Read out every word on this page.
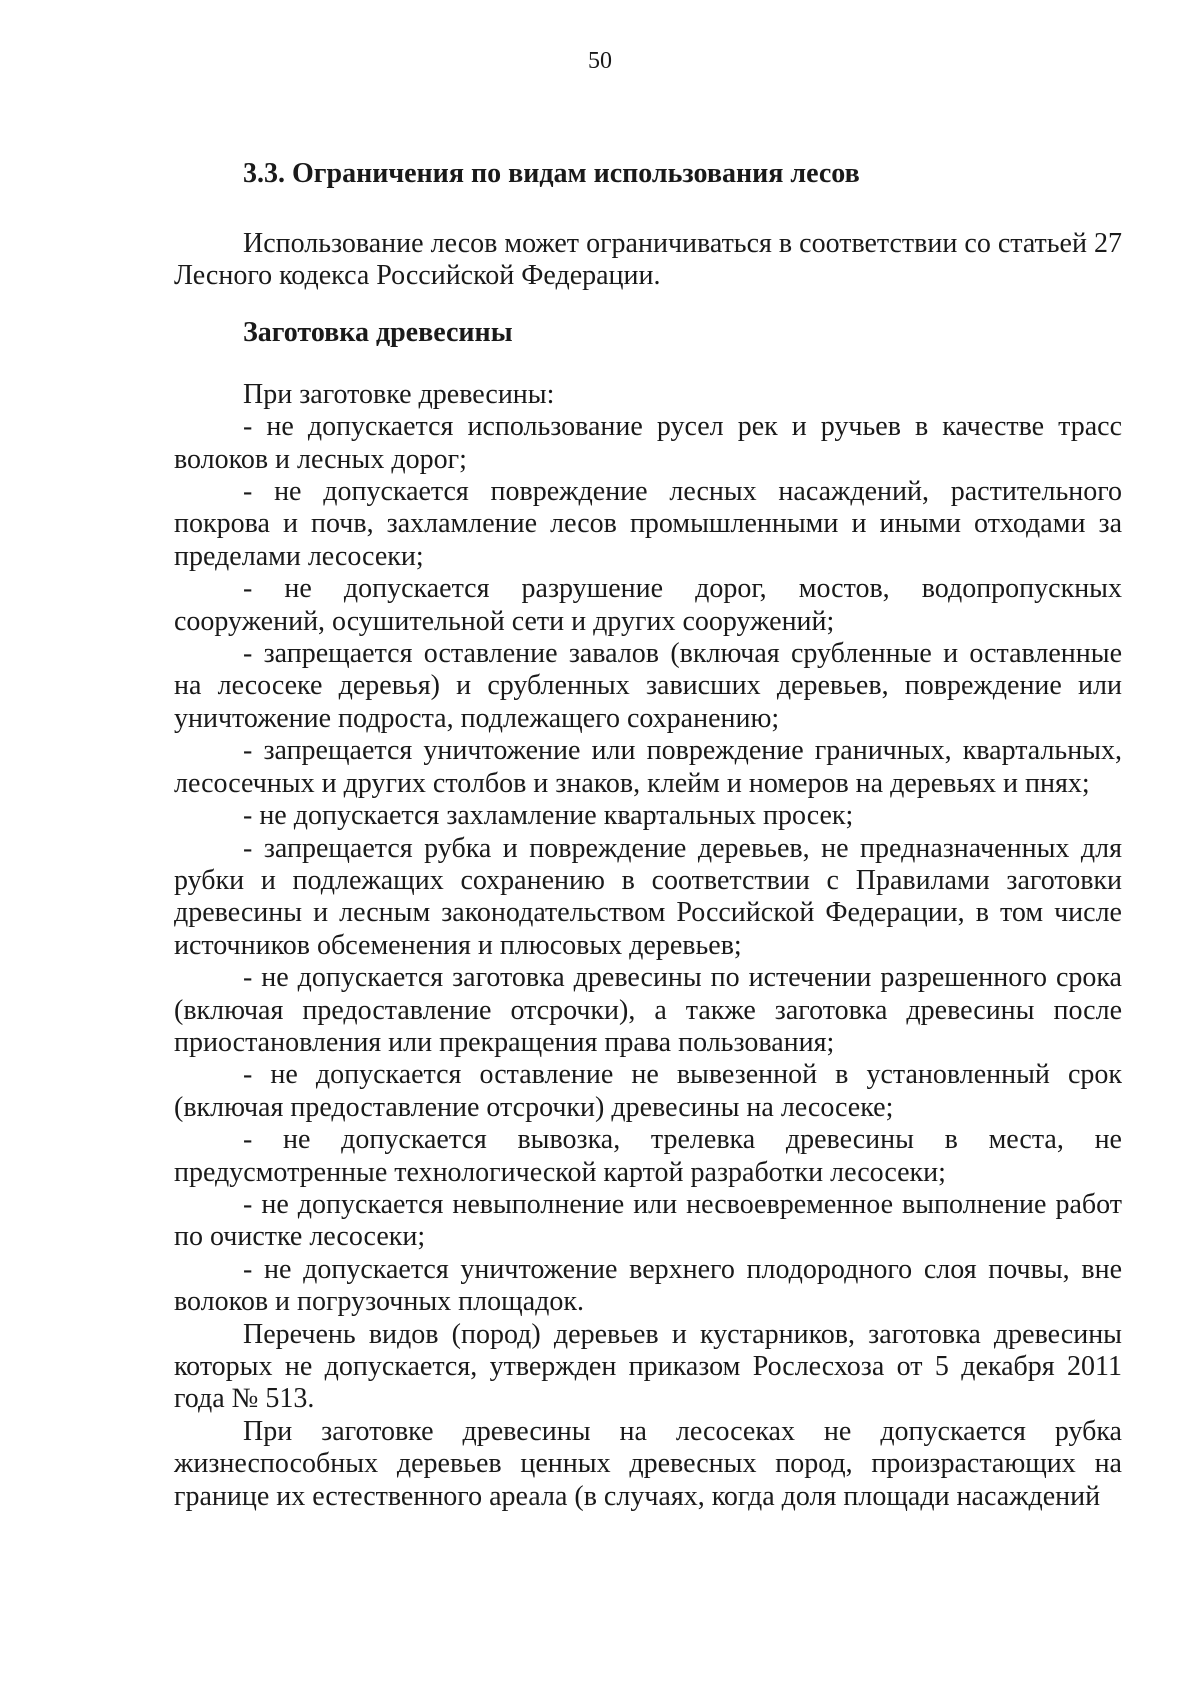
50
3.3. Ограничения по видам использования лесов

Использование лесов может ограничиваться в соответствии со статьей 27 Лесного кодекса Российской Федерации.

Заготовка древесины

При заготовке древесины:

- не допускается использование русел рек и ручьев в качестве трасс волоков и лесных дорог;

- не допускается повреждение лесных насаждений, растительного покрова и почв, захламление лесов промышленными и иными отходами за пределами лесосеки;

- не допускается разрушение дорог, мостов, водопропускных сооружений, осушительной сети и других сооружений;

- запрещается оставление завалов (включая срубленные и оставленные на лесосеке деревья) и срубленных зависших деревьев, повреждение или уничтожение подроста, подлежащего сохранению;

- запрещается уничтожение или повреждение граничных, квартальных, лесосечных и других столбов и знаков, клейм и номеров на деревьях и пнях;

- не допускается захламление квартальных просек;

- запрещается рубка и повреждение деревьев, не предназначенных для рубки и подлежащих сохранению в соответствии с Правилами заготовки древесины и лесным законодательством Российской Федерации, в том числе источников обсеменения и плюсовых деревьев;

- не допускается заготовка древесины по истечении разрешенного срока (включая предоставление отсрочки), а также заготовка древесины после приостановления или прекращения права пользования;

- не допускается оставление не вывезенной в установленный срок (включая предоставление отсрочки) древесины на лесосеке;

- не допускается вывозка, трелевка древесины в места, не предусмотренные технологической картой разработки лесосеки;

- не допускается невыполнение или несвоевременное выполнение работ по очистке лесосеки;

- не допускается уничтожение верхнего плодородного слоя почвы, вне волоков и погрузочных площадок.

Перечень видов (пород) деревьев и кустарников, заготовка древесины которых не допускается, утвержден приказом Рослесхоза от 5 декабря 2011 года № 513.

При заготовке древесины на лесосеках не допускается рубка жизнеспособных деревьев ценных древесных пород, произрастающих на границе их естественного ареала (в случаях, когда доля площади насаждений
